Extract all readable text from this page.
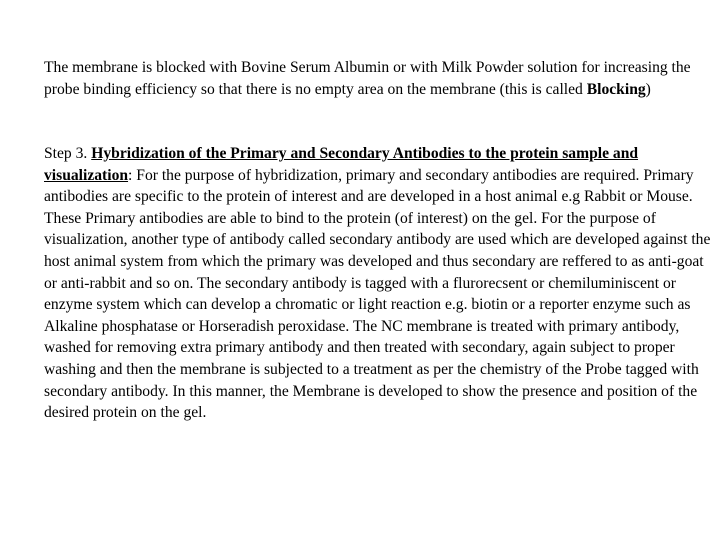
The membrane is blocked with Bovine Serum Albumin or with Milk Powder solution for increasing the probe binding efficiency so that there is no empty area on the membrane (this is called Blocking)

Step 3. Hybridization of the Primary and Secondary Antibodies to the protein sample and visualization: For the purpose of hybridization, primary and secondary antibodies are required. Primary antibodies are specific to the protein of interest and are developed in a host animal e.g Rabbit or Mouse. These Primary antibodies are able to bind to the protein (of interest) on the gel. For the purpose of visualization, another type of antibody called secondary antibody are used which are developed against the host animal system from which the primary was developed and thus secondary are reffered to as anti-goat or anti-rabbit and so on. The secondary antibody is tagged with a flurorecsent or chemiluminiscent or enzyme system which can develop a chromatic or light reaction e.g. biotin or a reporter enzyme such as Alkaline phosphatase or Horseradish peroxidase. The NC membrane is treated with primary antibody, washed for removing extra primary antibody and then treated with secondary, again subject to proper washing and then the membrane is subjected to a treatment as per the chemistry of the Probe tagged with secondary antibody. In this manner, the Membrane is developed to show the presence and position of the desired protein on the gel.
